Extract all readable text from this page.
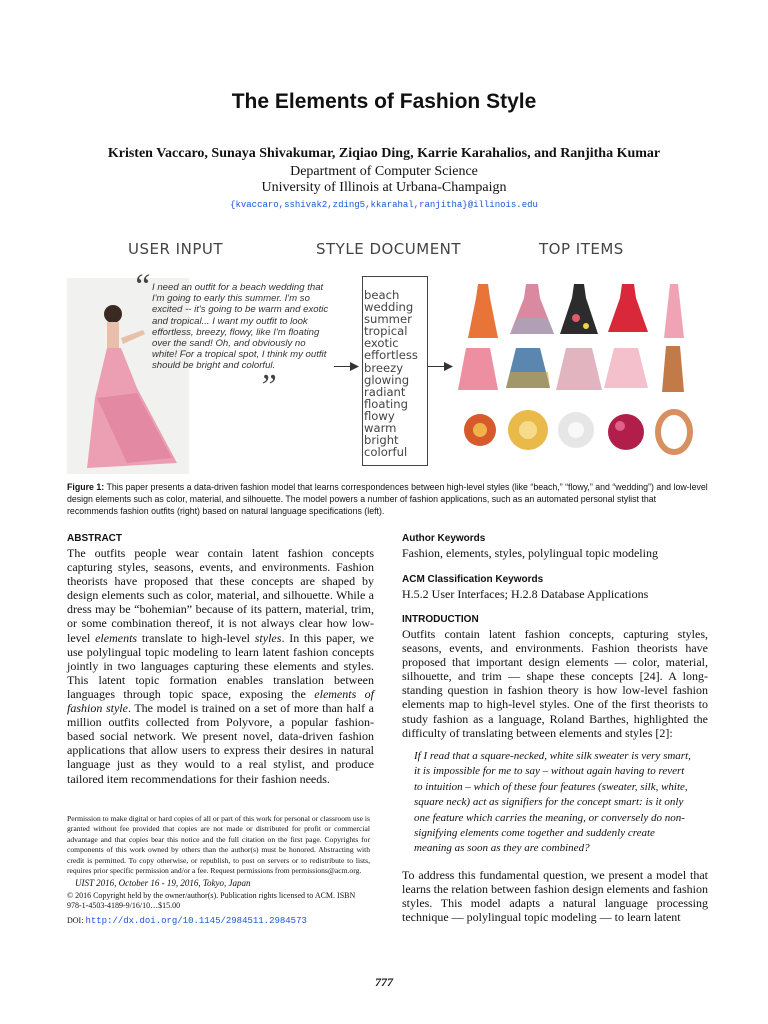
The Elements of Fashion Style
Kristen Vaccaro, Sunaya Shivakumar, Ziqiao Ding, Karrie Karahalios, and Ranjitha Kumar
Department of Computer Science
University of Illinois at Urbana-Champaign
{kvaccaro,sshivak2,zding5,kkarahal,ranjitha}@illinois.edu
USER INPUT	STYLE DOCUMENT	TOP ITEMS
“ I need an outfit for a beach wedding that I'm going to early this summer. I'm so excited -- it's going to be warm and exotic and tropical... I want my outfit to look effortless, breezy, flowy, like I'm floating over the sand! Oh, and obviously no white! For a tropical spot, I think my outfit should be bright and colorful.
”
beach
wedding
summer
tropical
exotic
effortless
breezy
glowing
radiant
floating
flowy
warm
bright
colorful
Figure 1: This paper presents a data-driven fashion model that learns correspondences between high-level styles (like “beach,” “flowy,” and “wedding”) and low-level design elements such as color, material, and silhouette. The model powers a number of fashion applications, such as an automated personal stylist that recommends fashion outfits (right) based on natural language specifications (left).
ABSTRACT
The outfits people wear contain latent fashion concepts capturing styles, seasons, events, and environments. Fashion theorists have proposed that these concepts are shaped by design elements such as color, material, and silhouette. While a dress may be “bohemian” because of its pattern, material, trim, or some combination thereof, it is not always clear how low-level elements translate to high-level styles. In this paper, we use polylingual topic modeling to learn latent fashion concepts jointly in two languages capturing these elements and styles. This latent topic formation enables translation between languages through topic space, exposing the elements of fashion style. The model is trained on a set of more than half a million outfits collected from Polyvore, a popular fashion-based social network. We present novel, data-driven fashion applications that allow users to express their desires in natural language just as they would to a real stylist, and produce tailored item recommendations for their fashion needs.
Permission to make digital or hard copies of all or part of this work for personal or classroom use is granted without fee provided that copies are not made or distributed for profit or commercial advantage and that copies bear this notice and the full citation on the first page. Copyrights for components of this work owned by others than the author(s) must be honored. Abstracting with credit is permitted. To copy otherwise, or republish, to post on servers or to redistribute to lists, requires prior specific permission and/or a fee. Request permissions from permissions@acm.org.
UIST 2016, October 16 - 19, 2016, Tokyo, Japan
© 2016 Copyright held by the owner/author(s). Publication rights licensed to ACM. ISBN 978-1-4503-4189-9/16/10…$15.00
DOI: http://dx.doi.org/10.1145/2984511.2984573
Author Keywords
Fashion, elements, styles, polylingual topic modeling
ACM Classification Keywords
H.5.2 User Interfaces; H.2.8 Database Applications
INTRODUCTION
Outfits contain latent fashion concepts, capturing styles, seasons, events, and environments. Fashion theorists have proposed that important design elements — color, material, silhouette, and trim — shape these concepts [24]. A long-standing question in fashion theory is how low-level fashion elements map to high-level styles. One of the first theorists to study fashion as a language, Roland Barthes, highlighted the difficulty of translating between elements and styles [2]:
If I read that a square-necked, white silk sweater is very smart, it is impossible for me to say – without again having to revert to intuition – which of these four features (sweater, silk, white, square neck) act as signifiers for the concept smart: is it only one feature which carries the meaning, or conversely do non-signifying elements come together and suddenly create meaning as soon as they are combined?
To address this fundamental question, we present a model that learns the relation between fashion design elements and fashion styles. This model adapts a natural language processing technique — polylingual topic modeling — to learn latent
777
